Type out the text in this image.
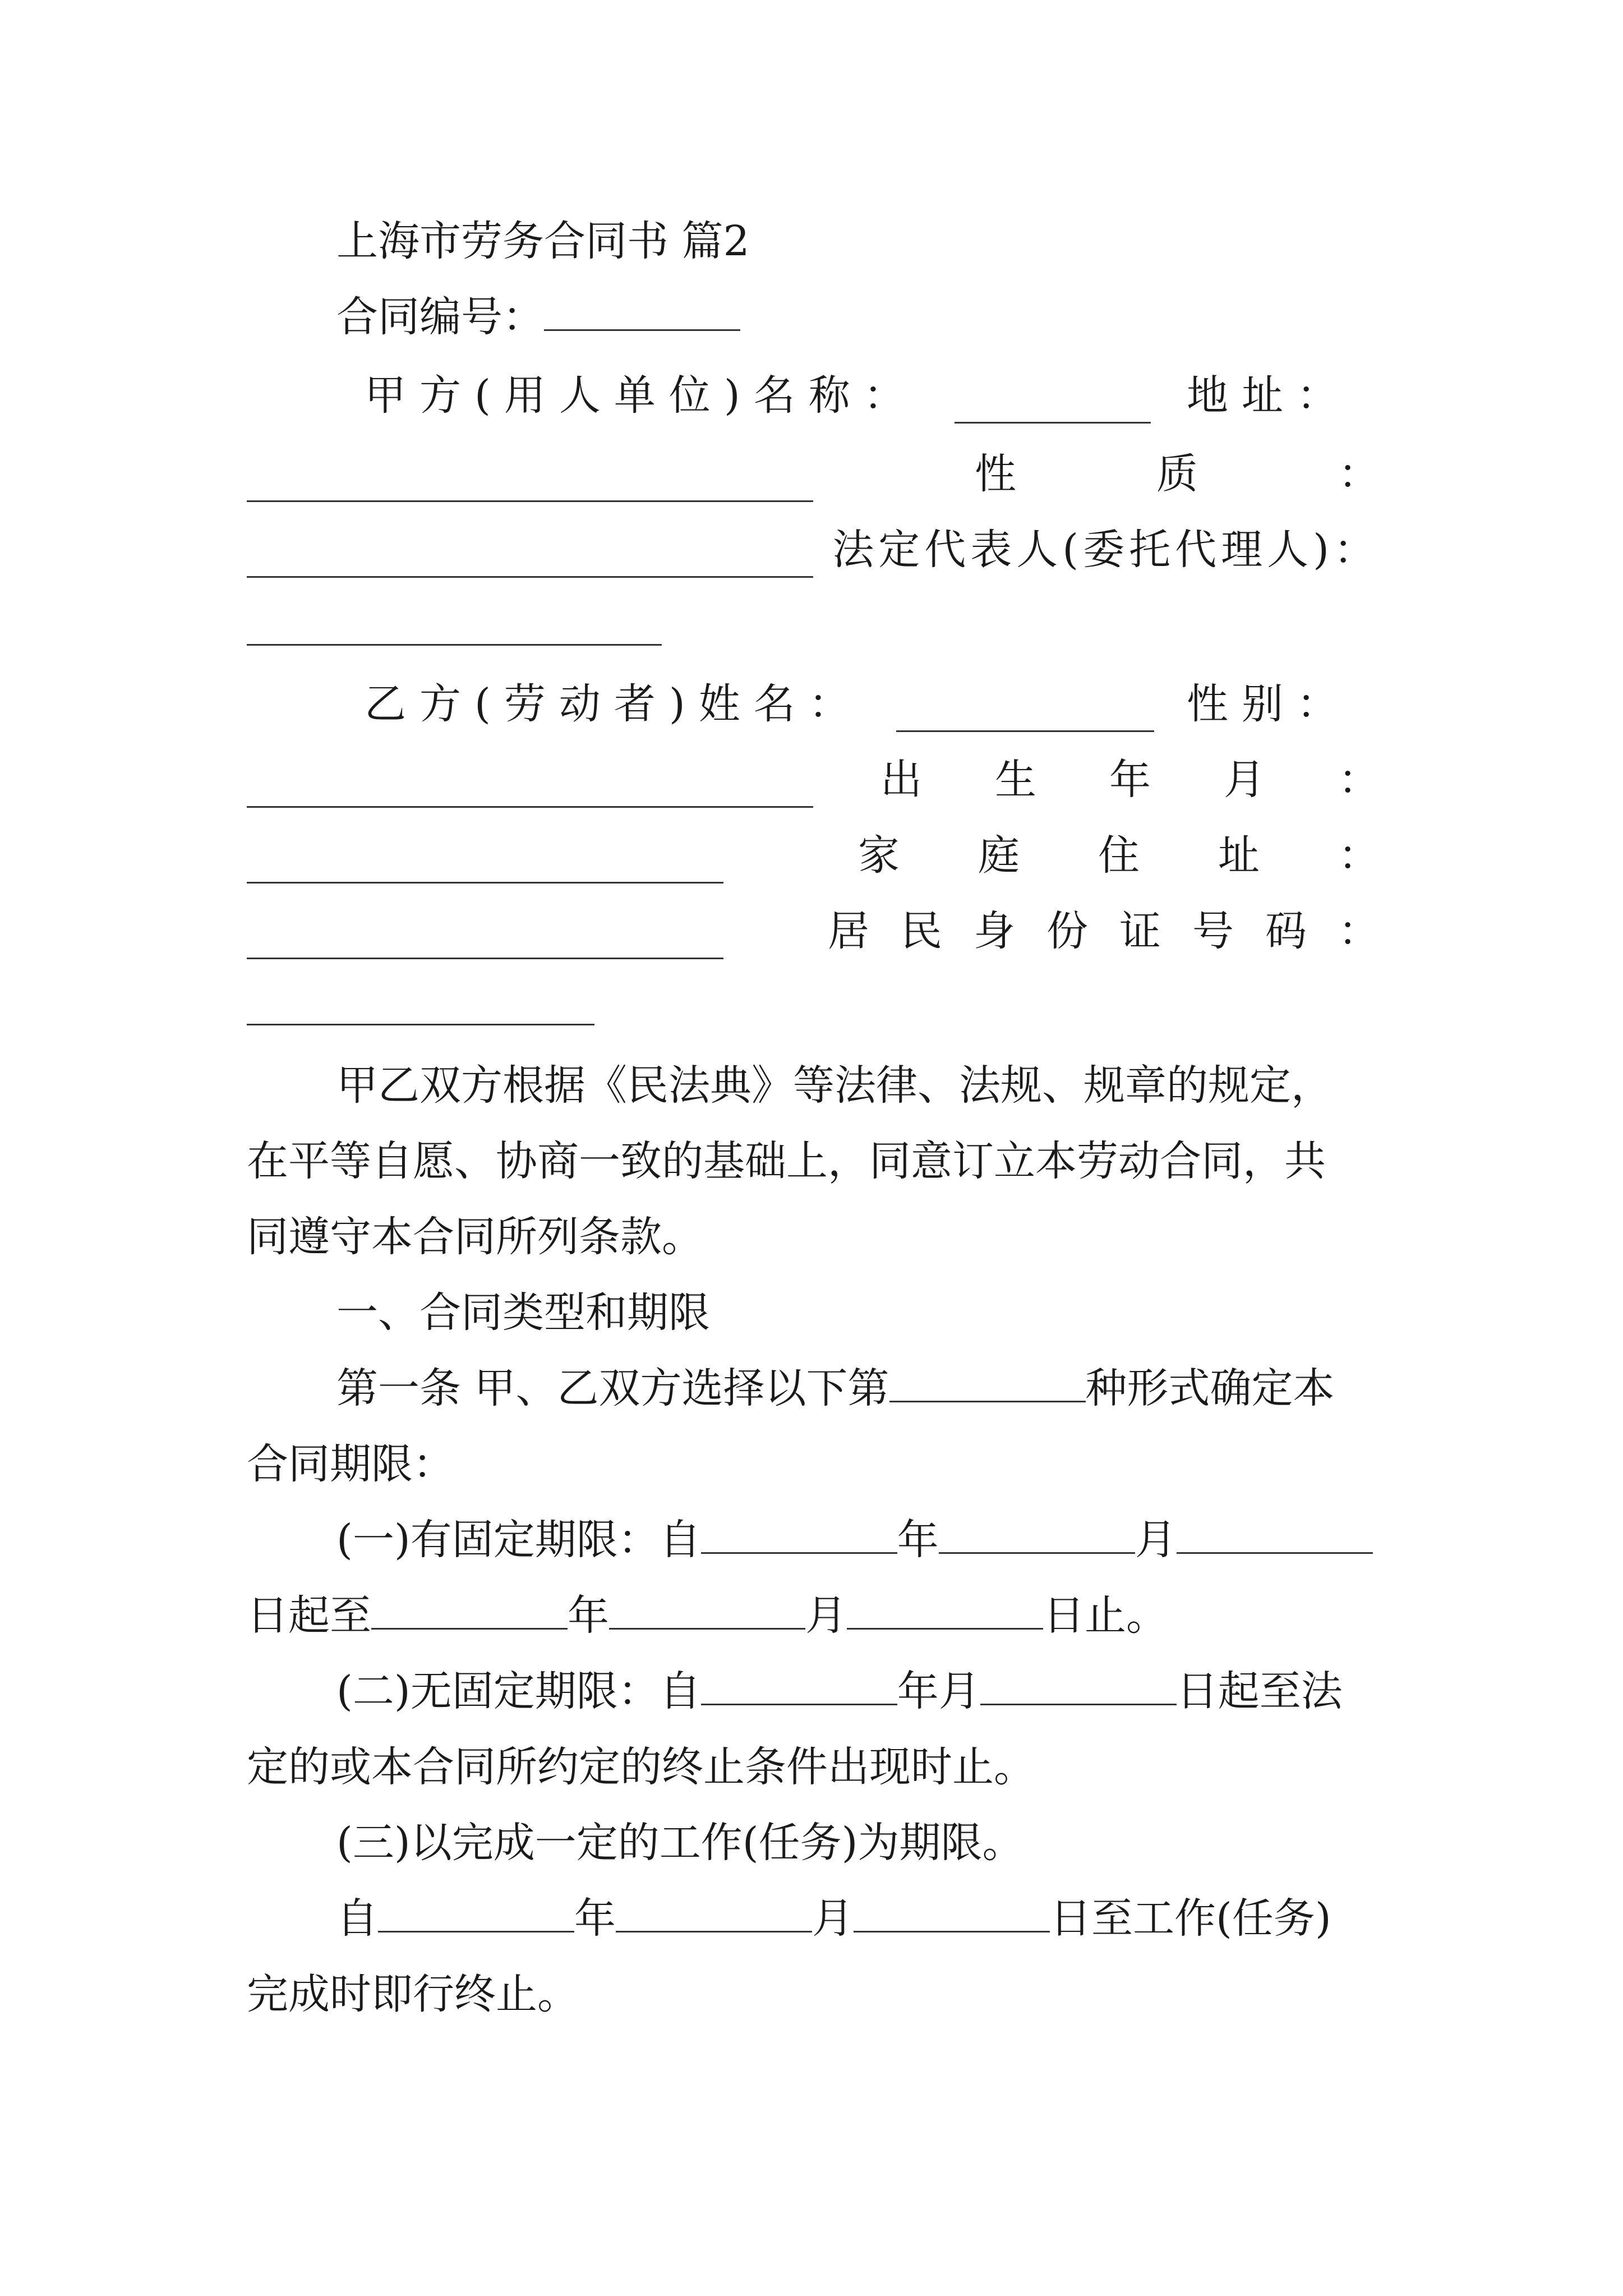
上海市劳务合同书 篇2
合同编号：
甲方(用人单位)名称：	地址：
性质：
法定代表人(委托代理人)：
乙方(劳动者)姓名：	性别：
出生年月：
家庭住址：
居民身份证号码：
甲乙双方根据《民法典》等法律、法规、规章的规定，
在平等自愿、协商一致的基础上，同意订立本劳动合同，共
同遵守本合同所列条款。
一、合同类型和期限
第一条 甲、乙双方选择以下第	种形式确定本
合同期限：
(一)有固定期限：自	年	月
日起至	年	月	日止。
(二)无固定期限：自	年月	日起至法
定的或本合同所约定的终止条件出现时止。
(三)以完成一定的工作(任务)为期限。
自	年	月	日至工作(任务)
完成时即行终止。
